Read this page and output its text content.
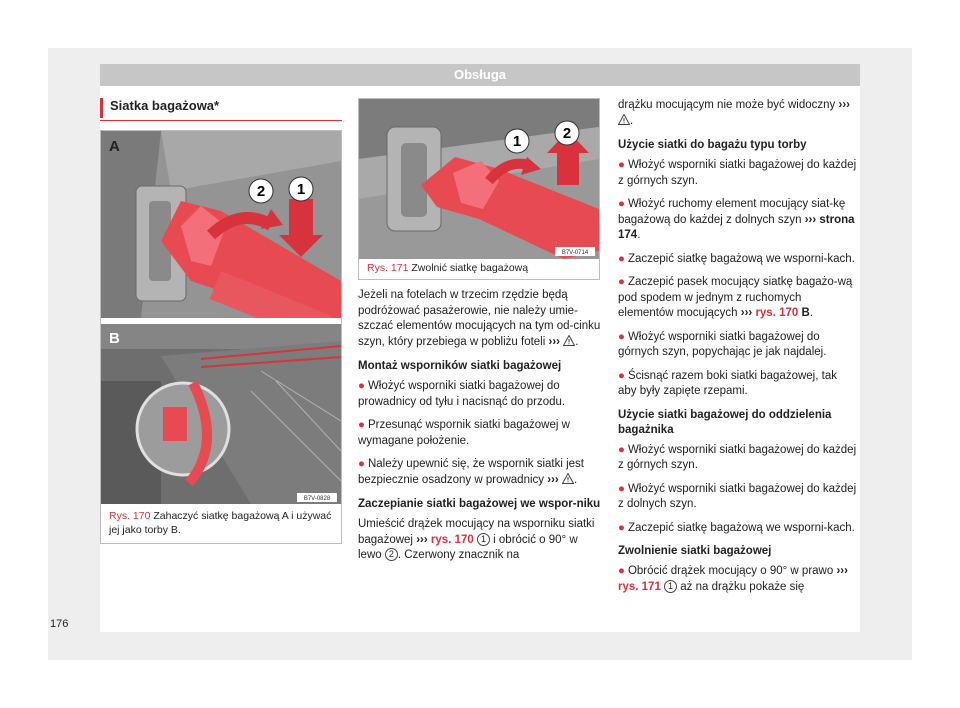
Obsługa
Siatka bagażowa*
2 1
A
B
B7V-0828
Rys. 170 Zahaczyć siatkę bagażową A i używać jej jako torby B.
1	2
B7V-0714
Rys. 171 Zwolnić siatkę bagażową

Jeżeli na fotelach w trzecim rzędzie będą podróżować pasażerowie, nie należy umie-szczać elementów mocujących na tym od-cinku szyn, który przebiega w pobliżu foteli ››› .

Montaż wsporników siatki bagażowej

● Włożyć wsporniki siatki bagażowej do prowadnicy od tyłu i nacisnąć do przodu.

● Przesunąć wspornik siatki bagażowej w wymagane położenie.

● Należy upewnić się, że wspornik siatki jest bezpiecznie osadzony w prowadnicy ››› .

Zaczepianie siatki bagażowej we wspor-niku

Umieścić drążek mocujący na wsporniku siatki bagażowej ››› rys. 170 1 i obrócić o 90° w lewo 2 . Czerwony znacznik na

drążku mocującym nie może być widoczny ››› .

Użycie siatki do bagażu typu torby

● Włożyć wsporniki siatki bagażowej do każdej z górnych szyn.

● Włożyć ruchomy element mocujący siat-kę bagażową do każdej z dolnych szyn ››› strona 174.

● Zaczepić siatkę bagażową we wsporni-kach.

● Zaczepić pasek mocujący siatkę bagażo-wą pod spodem w jednym z ruchomych elementów mocujących ››› rys. 170 B.

● Włożyć wsporniki siatki bagażowej do górnych szyn, popychając je jak najdalej.

● Ścisnąć razem boki siatki bagażowej, tak aby były zapięte rzepami.

Użycie siatki bagażowej do oddzielenia bagażnika

● Włożyć wsporniki siatki bagażowej do każdej z górnych szyn.

● Włożyć wsporniki siatki bagażowej do każdej z dolnych szyn.

● Zaczepić siatkę bagażową we wsporni-kach.

Zwolnienie siatki bagażowej

● Obrócić drążek mocujący o 90° w prawo ››› rys. 171 1 aż na drążku pokaże się

176
